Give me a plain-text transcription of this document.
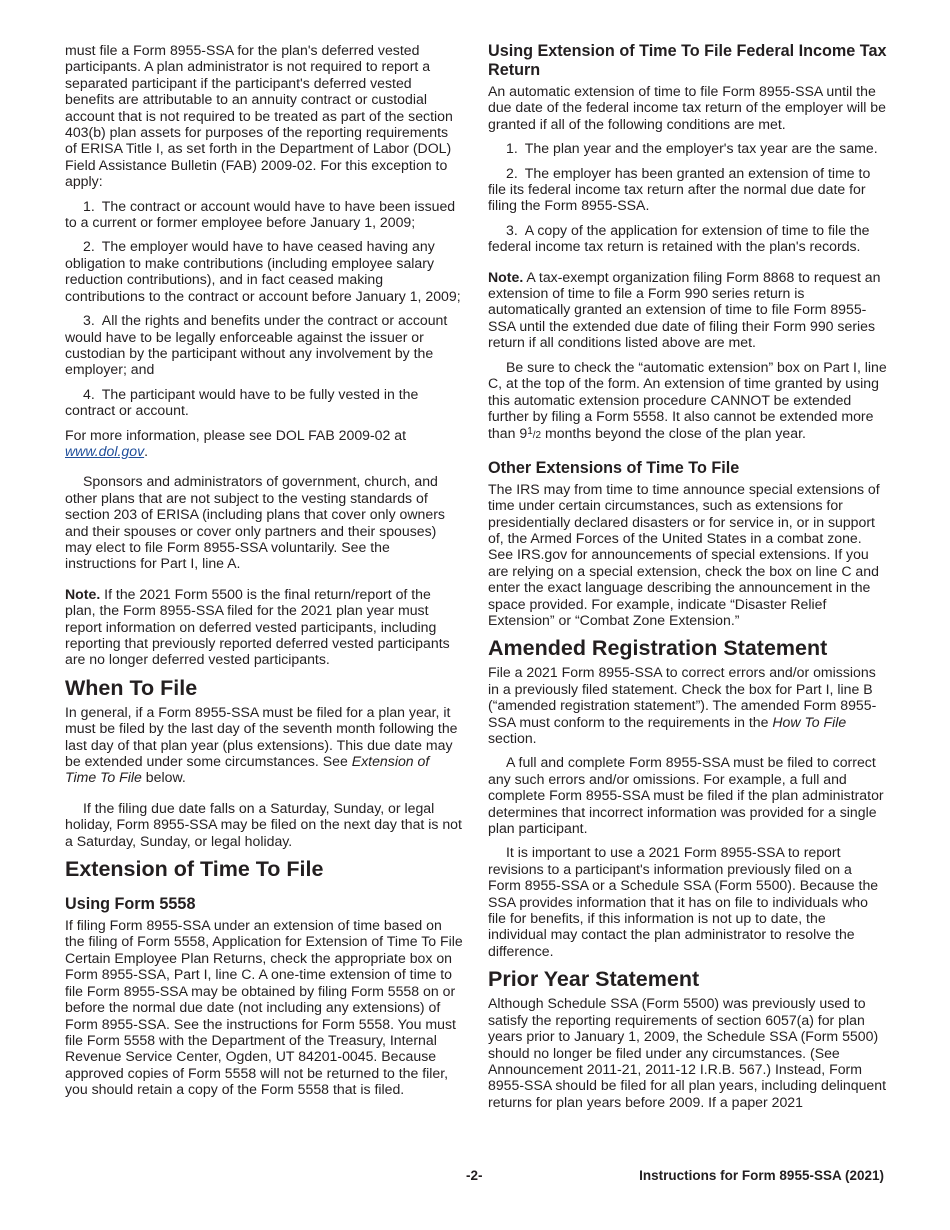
must file a Form 8955-SSA for the plan's deferred vested participants. A plan administrator is not required to report a separated participant if the participant's deferred vested benefits are attributable to an annuity contract or custodial account that is not required to be treated as part of the section 403(b) plan assets for purposes of the reporting requirements of ERISA Title I, as set forth in the Department of Labor (DOL) Field Assistance Bulletin (FAB) 2009-02. For this exception to apply:

1. The contract or account would have to have been issued to a current or former employee before January 1, 2009;

2. The employer would have to have ceased having any obligation to make contributions (including employee salary reduction contributions), and in fact ceased making contributions to the contract or account before January 1, 2009;

3. All the rights and benefits under the contract or account would have to be legally enforceable against the issuer or custodian by the participant without any involvement by the employer; and

4. The participant would have to be fully vested in the contract or account.

For more information, please see DOL FAB 2009-02 at
www.dol.gov.

Sponsors and administrators of government, church, and other plans that are not subject to the vesting standards of section 203 of ERISA (including plans that cover only owners and their spouses or cover only partners and their spouses) may elect to file Form 8955-SSA voluntarily. See the instructions for Part I, line A.

Note. If the 2021 Form 5500 is the final return/report of the plan, the Form 8955-SSA filed for the 2021 plan year must report information on deferred vested participants, including reporting that previously reported deferred vested participants are no longer deferred vested participants.

When To File

In general, if a Form 8955-SSA must be filed for a plan year, it must be filed by the last day of the seventh month following the last day of that plan year (plus extensions). This due date may be extended under some circumstances. See Extension of Time To File below.

If the filing due date falls on a Saturday, Sunday, or legal holiday, Form 8955-SSA may be filed on the next day that is not a Saturday, Sunday, or legal holiday.

Extension of Time To File
Using Form 5558

If filing Form 8955-SSA under an extension of time based on the filing of Form 5558, Application for Extension of Time To File Certain Employee Plan Returns, check the appropriate box on Form 8955-SSA, Part I, line C. A one-time extension of time to file Form 8955-SSA may be obtained by filing Form 5558 on or before the normal due date (not including any extensions) of Form 8955-SSA. See the instructions for Form 5558. You must file Form 5558 with the Department of the Treasury, Internal Revenue Service Center, Ogden, UT 84201-0045. Because approved copies of Form 5558 will not be returned to the filer, you should retain a copy of the Form 5558 that is filed.

Using Extension of Time To File Federal Income Tax Return

An automatic extension of time to file Form 8955-SSA until the due date of the federal income tax return of the employer will be granted if all of the following conditions are met.

1. The plan year and the employer's tax year are the same.

2. The employer has been granted an extension of time to file its federal income tax return after the normal due date for filing the Form 8955-SSA.

3. A copy of the application for extension of time to file the federal income tax return is retained with the plan's records.

Note. A tax-exempt organization filing Form 8868 to request an extension of time to file a Form 990 series return is automatically granted an extension of time to file Form 8955-SSA until the extended due date of filing their Form 990 series return if all conditions listed above are met.

Be sure to check the “automatic extension” box on Part I, line C, at the top of the form. An extension of time granted by using this automatic extension procedure CANNOT be extended further by filing a Form 5558. It also cannot be extended more than $9^1/2$ months beyond the close of the plan year.

Other Extensions of Time To File

The IRS may from time to time announce special extensions of time under certain circumstances, such as extensions for presidentially declared disasters or for service in, or in support of, the Armed Forces of the United States in a combat zone. See IRS.gov for announcements of special extensions. If you are relying on a special extension, check the box on line C and enter the exact language describing the announcement in the space provided. For example, indicate “Disaster Relief Extension” or “Combat Zone Extension.”

Amended Registration Statement

File a 2021 Form 8955-SSA to correct errors and/or omissions in a previously filed statement. Check the box for Part I, line B (“amended registration statement”). The amended Form 8955-SSA must conform to the requirements in the How To File section.

A full and complete Form 8955-SSA must be filed to correct any such errors and/or omissions. For example, a full and complete Form 8955-SSA must be filed if the plan administrator determines that incorrect information was provided for a single plan participant.

It is important to use a 2021 Form 8955-SSA to report revisions to a participant's information previously filed on a Form 8955-SSA or a Schedule SSA (Form 5500). Because the SSA provides information that it has on file to individuals who file for benefits, if this information is not up to date, the individual may contact the plan administrator to resolve the difference.

Prior Year Statement

Although Schedule SSA (Form 5500) was previously used to satisfy the reporting requirements of section 6057(a) for plan years prior to January 1, 2009, the Schedule SSA (Form 5500) should no longer be filed under any circumstances. (See Announcement 2011-21, 2011-12 I.R.B. 567.) Instead, Form 8955-SSA should be filed for all plan years, including delinquent returns for plan years before 2009. If a paper 2021

-2-	Instructions for Form 8955-SSA (2021)
